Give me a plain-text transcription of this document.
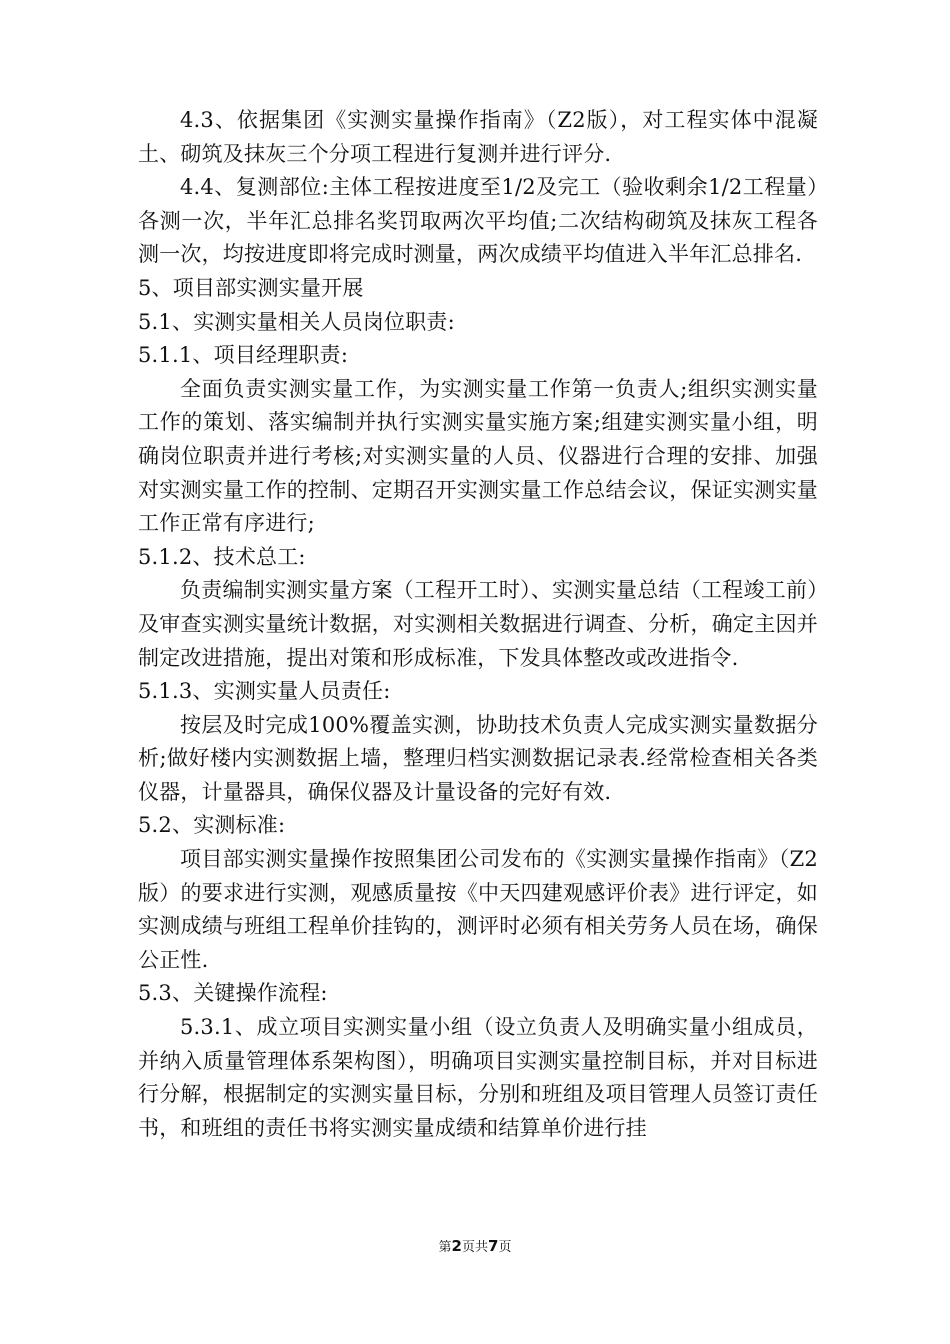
4.3、依据集团《实测实量操作指南》（Z2版），对工程实体中混凝土、砌筑及抹灰三个分项工程进行复测并进行评分.

4.4、复测部位:主体工程按进度至1/2及完工（验收剩余1/2工程量）各测一次，半年汇总排名奖罚取两次平均值;二次结构砌筑及抹灰工程各测一次，均按进度即将完成时测量，两次成绩平均值进入半年汇总排名.

5、项目部实测实量开展

5.1、实测实量相关人员岗位职责:

5.1.1、项目经理职责:

全面负责实测实量工作，为实测实量工作第一负责人;组织实测实量工作的策划、落实编制并执行实测实量实施方案;组建实测实量小组，明确岗位职责并进行考核;对实测实量的人员、仪器进行合理的安排、加强对实测实量工作的控制、定期召开实测实量工作总结会议，保证实测实量工作正常有序进行;

5.1.2、技术总工:

负责编制实测实量方案（工程开工时）、实测实量总结（工程竣工前）及审查实测实量统计数据，对实测相关数据进行调查、分析，确定主因并制定改进措施，提出对策和形成标准，下发具体整改或改进指令.

5.1.3、实测实量人员责任:

按层及时完成100%覆盖实测，协助技术负责人完成实测实量数据分析;做好楼内实测数据上墙，整理归档实测数据记录表.经常检查相关各类仪器，计量器具，确保仪器及计量设备的完好有效.

5.2、实测标准:

项目部实测实量操作按照集团公司发布的《实测实量操作指南》（Z2版）的要求进行实测，观感质量按《中天四建观感评价表》进行评定，如实测成绩与班组工程单价挂钩的，测评时必须有相关劳务人员在场，确保公正性.

5.3、关键操作流程:

5.3.1、成立项目实测实量小组（设立负责人及明确实量小组成员，并纳入质量管理体系架构图），明确项目实测实量控制目标，并对目标进行分解，根据制定的实测实量目标，分别和班组及项目管理人员签订责任书，和班组的责任书将实测实量成绩和结算单价进行挂

第2页共7页
